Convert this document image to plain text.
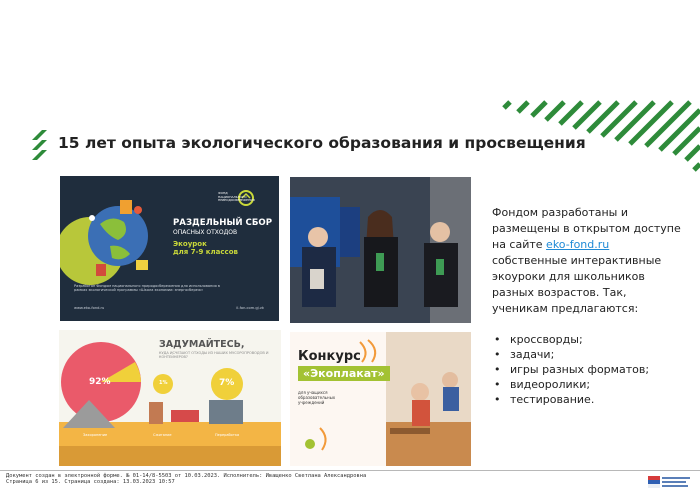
15 лет опыта экологического образования и просвещения
ФОНД НАЦИОНАЛЬНОГО ПРИРОДОСБЕРЕЖЕНИЯ
РАЗДЕЛЬНЫЙ СБОР
ОПАСНЫХ ОТХОДОВ
Экоурок
для 7-9 классов
Разработан Фондом национального природосбережения для использования в рамках экологической программы «Школа экономии: энергосбереж»
www.eko-fond.ru	il-fon.com.gj.vk
ЗАДУМАЙТЕСЬ,
КУДА ИСЧЕЗАЮТ ОТХОДЫ ИЗ НАШИХ МУСОРОПРОВОДОВ И КОНТЕЙНЕРОВ?
92%	1%	7%
Захоронение	Сжигание	Переработка
Конкурс
«Экоплакат»
для учащихся образовательных учреждений
Фондом разработаны и размещены в открытом доступе на сайте eko-fond.ru собственные интерактивные экоуроки для школьников разных возрастов. Так, ученикам предлагаются:
• кроссворды;
• задачи;
• игры разных форматов;
• видеоролики;
• тестирование.
Документ создан в электронной форме. № 01-14/8-5503 от 10.03.2023. Исполнитель: Иващенко Светлана Александровна
Страница 6 из 15. Страница создана: 13.03.2023 10:57
